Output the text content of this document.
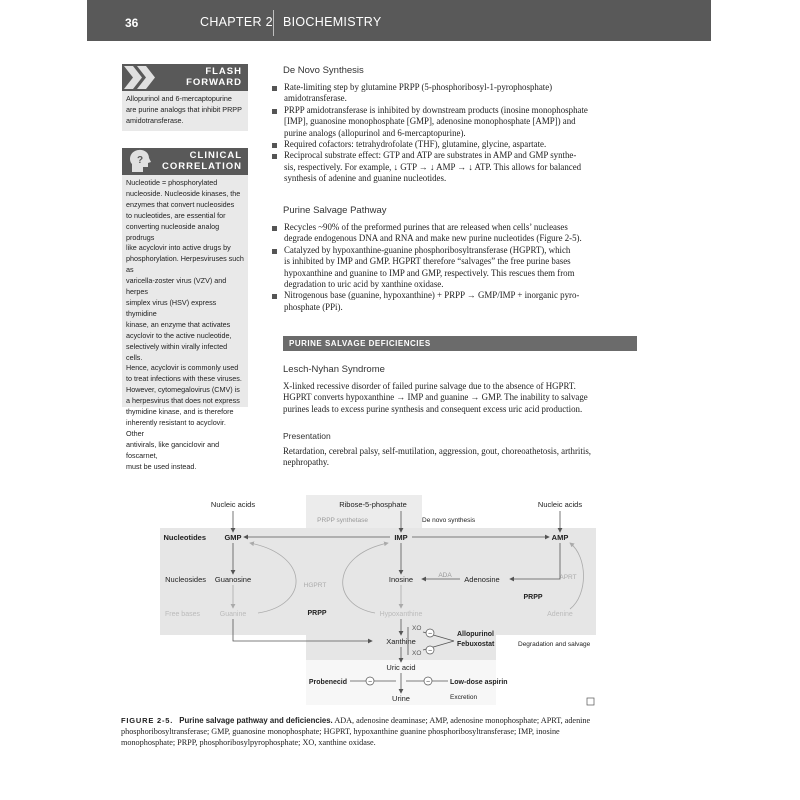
36	CHAPTER 2 BIOCHEMISTRY
FLASH
FORWARD
Allopurinol and 6-mercaptopurine
are purine analogs that inhibit PRPP
amidotransferase.
?	CLINICAL
CORRELATION
Nucleotide = phosphorylated
nucleoside. Nucleoside kinases, the
enzymes that convert nucleosides
to nucleotides, are essential for
converting nucleoside analog prodrugs
like acyclovir into active drugs by
phosphorylation. Herpesviruses such as
varicella-zoster virus (VZV) and herpes
simplex virus (HSV) express thymidine
kinase, an enzyme that activates
acyclovir to the active nucleotide,
selectively within virally infected cells.
Hence, acyclovir is commonly used
to treat infections with these viruses.
However, cytomegalovirus (CMV) is
a herpesvirus that does not express
thymidine kinase, and is therefore
inherently resistant to acyclovir. Other
antivirals, like ganciclovir and foscarnet,
must be used instead.
De Novo Synthesis
Rate-limiting step by glutamine PRPP (5-phosphoribosyl-1-pyrophosphate)
amidotransferase.
PRPP amidotransferase is inhibited by downstream products (inosine monophosphate
[IMP], guanosine monophosphate [GMP], adenosine monophosphate [AMP]) and
purine analogs (allopurinol and 6-mercaptopurine).
Required cofactors: tetrahydrofolate (THF), glutamine, glycine, aspartate.
Reciprocal substrate effect: GTP and ATP are substrates in AMP and GMP synthe-
sis, respectively. For example, ↓ GTP → ↓ AMP → ↓ ATP. This allows for balanced
synthesis of adenine and guanine nucleotides.
Purine Salvage Pathway
Recycles ~90% of the preformed purines that are released when cells’ nucleases
degrade endogenous DNA and RNA and make new purine nucleotides (Figure 2-5).
Catalyzed by hypoxanthine-guanine phosphoribosyltransferase (HGPRT), which
is inhibited by IMP and GMP. HGPRT therefore “salvages” the free purine bases
hypoxanthine and guanine to IMP and GMP, respectively. This rescues them from
degradation to uric acid by xanthine oxidase.
Nitrogenous base (guanine, hypoxanthine) + PRPP → GMP/IMP + inorganic pyro-
phosphate (PPi).
PURINE SALVAGE DEFICIENCIES
Lesch-Nyhan Syndrome
X-linked recessive disorder of failed purine salvage due to the absence of HGPRT.
HGPRT converts hypoxanthine → IMP and guanine → GMP. The inability to salvage
purines leads to excess purine synthesis and consequent excess uric acid production.
Presentation
Retardation, cerebral palsy, self-mutilation, aggression, gout, choreoathetosis, arthritis,
nephropathy.
Nucleic acids	Ribose-5-phosphate	Nucleic acids
PRPP synthetase	De novo synthesis
Nucleotides
Nucleosides
Free bases
GMP	IMP	AMP
Guanosine	Inosine	Adenosine
Guanine	Hypoxanthine	Adenine
Xanthine
Uric acid
Urine
ADA
HGPRT
APRT
PRPP
PRPP
XO
XO
Allopurinol
Febuxostat	Degradation and salvage
Probenecid	Low-dose aspirin
Excretion
−
−
−	−
FIGURE 2-5. Purine salvage pathway and deficiencies. ADA, adenosine deaminase; AMP, adenosine monophosphate; APRT, adenine
phosphoribosyltransferase; GMP, guanosine monophosphate; HGPRT, hypoxanthine guanine phosphoribosyltransferase; IMP, inosine
monophosphate; PRPP, phosphoribosylpyrophosphate; XO, xanthine oxidase.
